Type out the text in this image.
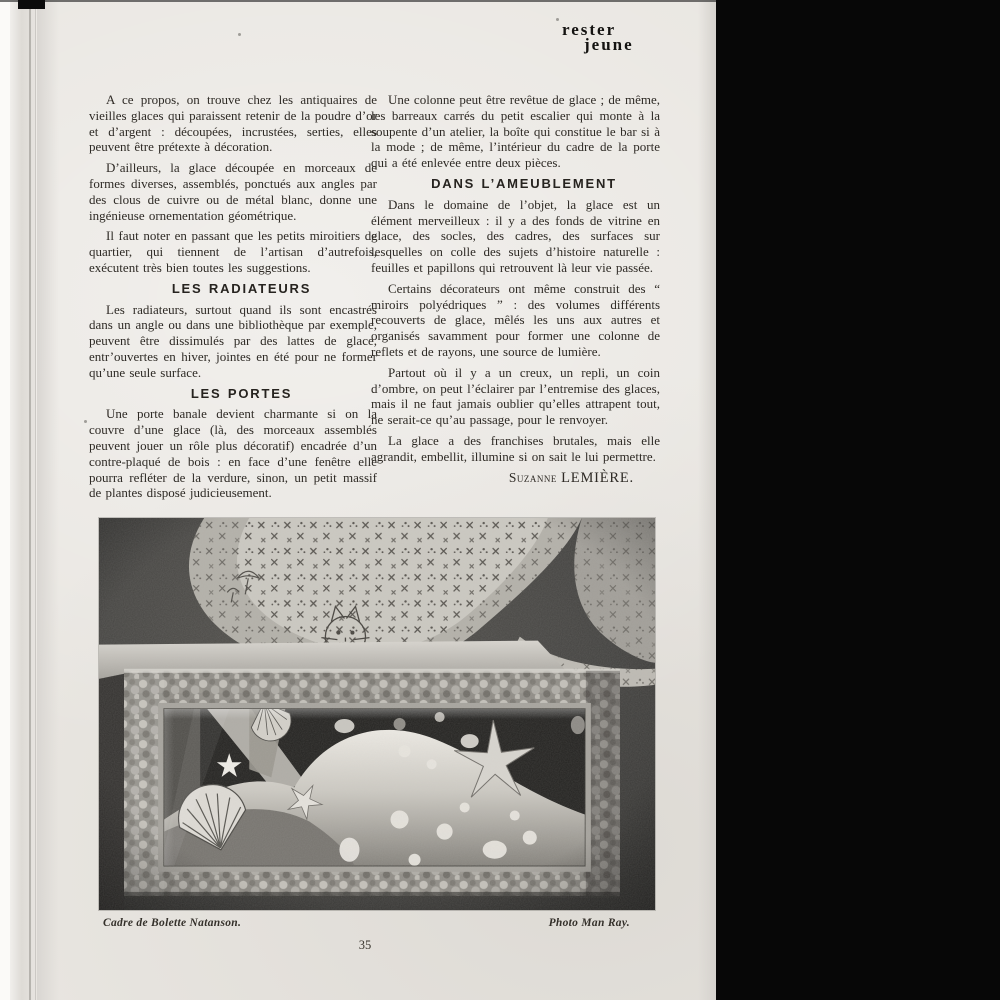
rester
jeune

A ce propos, on trouve chez les antiquaires de vieilles glaces qui paraissent retenir de la poudre d’or et d’argent : découpées, incrustées, serties, elles peuvent être prétexte à décoration.

D’ailleurs, la glace découpée en morceaux de formes diverses, assemblés, ponctués aux angles par des clous de cuivre ou de métal blanc, donne une ingénieuse ornementation géométrique.

Il faut noter en passant que les petits miroitiers de quartier, qui tiennent de l’artisan d’autrefois, exécutent très bien toutes les suggestions.

LES RADIATEURS

Les radiateurs, surtout quand ils sont encastrés dans un angle ou dans une bibliothèque par exemple, peuvent être dissimulés par des lattes de glace, entr’ouvertes en hiver, jointes en été pour ne former qu’une seule surface.

LES PORTES

Une porte banale devient charmante si on la couvre d’une glace (là, des morceaux assemblés peuvent jouer un rôle plus décoratif) encadrée d’un contre-plaqué de bois : en face d’une fenêtre elle pourra refléter de la verdure, sinon, un petit massif de plantes disposé judicieusement.

Une colonne peut être revêtue de glace ; de même, les barreaux carrés du petit escalier qui monte à la soupente d’un atelier, la boîte qui constitue le bar si à la mode ; de même, l’intérieur du cadre de la porte qui a été enlevée entre deux pièces.

DANS L’AMEUBLEMENT

Dans le domaine de l’objet, la glace est un élément merveilleux : il y a des fonds de vitrine en glace, des socles, des cadres, des surfaces sur lesquelles on colle des sujets d’histoire naturelle : feuilles et papillons qui retrouvent là leur vie passée.

Certains décorateurs ont même construit des “ miroirs polyédriques ” : des volumes différents recouverts de glace, mêlés les uns aux autres et organisés savamment pour former une colonne de reflets et de rayons, une source de lumière.

Partout où il y a un creux, un repli, un coin d’ombre, on peut l’éclairer par l’entremise des glaces, mais il ne faut jamais oublier qu’elles attrapent tout, ne serait-ce qu’au passage, pour le renvoyer.

La glace a des franchises brutales, mais elle agrandit, embellit, illumine si on sait le lui permettre.

Suzanne LEMIÈRE.

Cadre de Bolette Natanson.	Photo Man Ray.
35
